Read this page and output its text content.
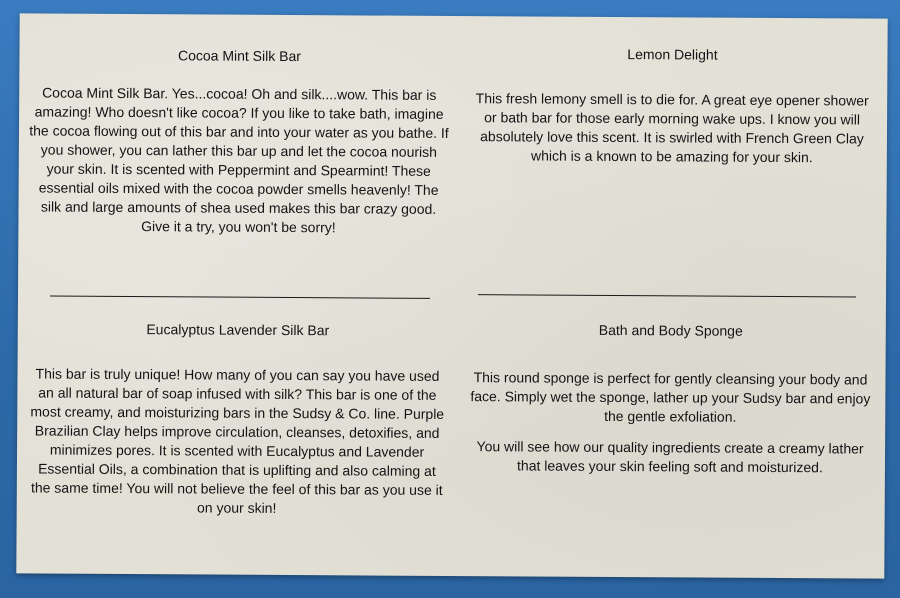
Cocoa Mint Silk Bar

Cocoa Mint Silk Bar. Yes...cocoa! Oh and silk....wow. This bar is amazing! Who doesn't like cocoa? If you like to take bath, imagine the cocoa flowing out of this bar and into your water as you bathe. If you shower, you can lather this bar up and let the cocoa nourish your skin. It is scented with Peppermint and Spearmint! These essential oils mixed with the cocoa powder smells heavenly! The silk and large amounts of shea used makes this bar crazy good. Give it a try, you won't be sorry!

Lemon Delight

This fresh lemony smell is to die for. A great eye opener shower or bath bar for those early morning wake ups. I know you will absolutely love this scent. It is swirled with French Green Clay which is a known to be amazing for your skin.

Eucalyptus Lavender Silk Bar

This bar is truly unique! How many of you can say you have used an all natural bar of soap infused with silk? This bar is one of the most creamy, and moisturizing bars in the Sudsy & Co. line. Purple Brazilian Clay helps improve circulation, cleanses, detoxifies, and minimizes pores. It is scented with Eucalyptus and Lavender Essential Oils, a combination that is uplifting and also calming at the same time! You will not believe the feel of this bar as you use it on your skin!

Bath and Body Sponge

This round sponge is perfect for gently cleansing your body and face. Simply wet the sponge, lather up your Sudsy bar and enjoy the gentle exfoliation.

You will see how our quality ingredients create a creamy lather that leaves your skin feeling soft and moisturized.
